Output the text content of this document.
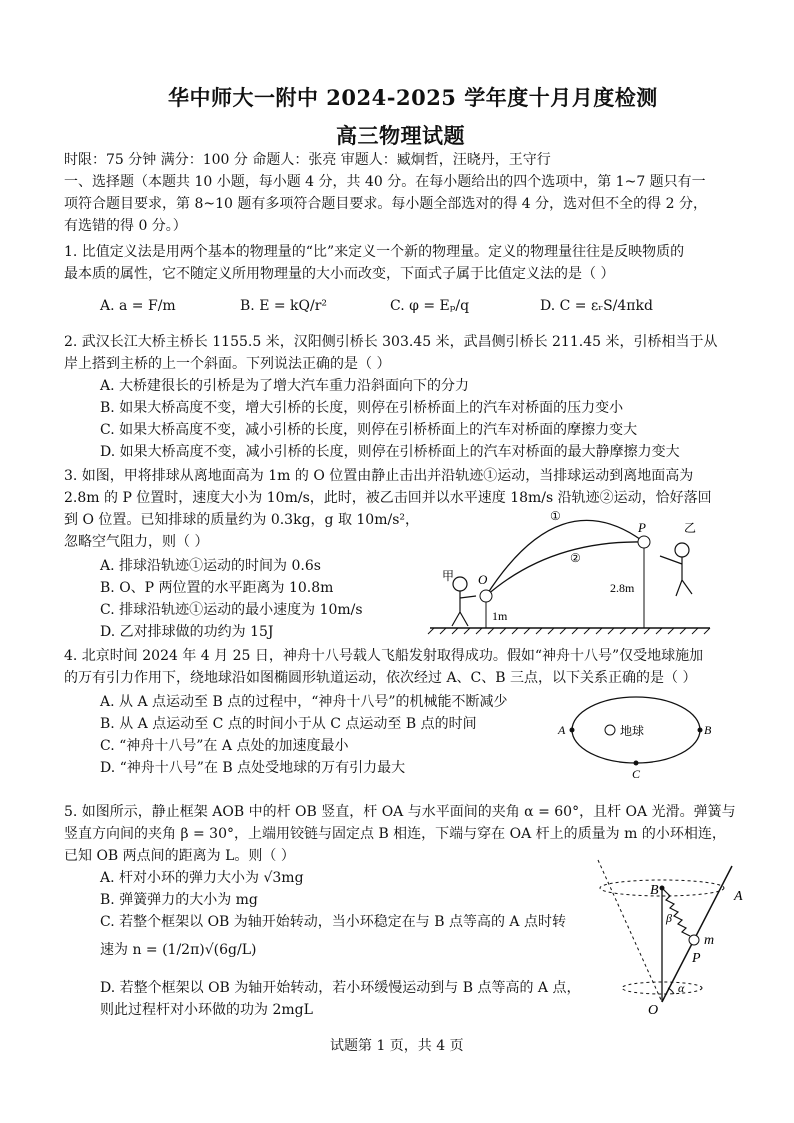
华中师大一附中 2024-2025 学年度十月月度检测
高三物理试题
时限：75 分钟 满分：100 分 命题人：张亮 审题人：臧炯哲，汪晓丹，王守行
一、选择题（本题共 10 小题，每小题 4 分，共 40 分。在每小题给出的四个选项中，第 1~7 题只有一
项符合题目要求，第 8~10 题有多项符合题目要求。每小题全部选对的得 4 分，选对但不全的得 2 分，
有选错的得 0 分。）
1. 比值定义法是用两个基本的物理量的“比”来定义一个新的物理量。定义的物理量往往是反映物质的
最本质的属性，它不随定义所用物理量的大小而改变，下面式子属于比值定义法的是（ ）
A. a = F/m	B. E = kQ/r²	C. φ = Eₚ/q	D. C = εᵣS/4πkd
2. 武汉长江大桥主桥长 1155.5 米，汉阳侧引桥长 303.45 米，武昌侧引桥长 211.45 米，引桥相当于从
岸上搭到主桥的上一个斜面。下列说法正确的是（ ）
A. 大桥建很长的引桥是为了增大汽车重力沿斜面向下的分力
B. 如果大桥高度不变，增大引桥的长度，则停在引桥桥面上的汽车对桥面的压力变小
C. 如果大桥高度不变，减小引桥的长度，则停在引桥桥面上的汽车对桥面的摩擦力变大
D. 如果大桥高度不变，减小引桥的长度，则停在引桥桥面上的汽车对桥面的最大静摩擦力变大
3. 如图，甲将排球从离地面高为 1m 的 O 位置由静止击出并沿轨迹①运动，当排球运动到离地面高为
2.8m 的 P 位置时，速度大小为 10m/s，此时，被乙击回并以水平速度 18m/s 沿轨迹②运动，恰好落回
到 O 位置。已知排球的质量约为 0.3kg，g 取 10m/s²，
忽略空气阻力，则（ ）
A. 排球沿轨迹①运动的时间为 0.6s
B. O、P 两位置的水平距离为 10.8m
C. 排球沿轨迹①运动的最小速度为 10m/s
D. 乙对排球做的功约为 15J
甲
乙
O
P
①
②
1m
2.8m
4. 北京时间 2024 年 4 月 25 日，神舟十八号载人飞船发射取得成功。假如“神舟十八号”仅受地球施加
的万有引力作用下，绕地球沿如图椭圆形轨道运动，依次经过 A、C、B 三点，以下关系正确的是（ ）
A. 从 A 点运动至 B 点的过程中，“神舟十八号”的机械能不断减少
B. 从 A 点运动至 C 点的时间小于从 C 点运动至 B 点的时间
C. “神舟十八号”在 A 点处的加速度最小
D. “神舟十八号”在 B 点处受地球的万有引力最大
A	B
C
地球
5. 如图所示，静止框架 AOB 中的杆 OB 竖直，杆 OA 与水平面间的夹角 α = 60°，且杆 OA 光滑。弹簧与
竖直方向间的夹角 β = 30°，上端用铰链与固定点 B 相连，下端与穿在 OA 杆上的质量为 m 的小环相连，
已知 OB 两点间的距离为 L。则（ ）
A. 杆对小环的弹力大小为 √3mg
B. 弹簧弹力的大小为 mg
C. 若整个框架以 OB 为轴开始转动，当小环稳定在与 B 点等高的 A 点时转
速为 n = (1/2π)√(6g/L)
D. 若整个框架以 OB 为轴开始转动，若小环缓慢运动到与 B 点等高的 A 点，
则此过程杆对小环做的功为 2mgL
B	A
O
P
m
α
β
试题第 1 页，共 4 页
